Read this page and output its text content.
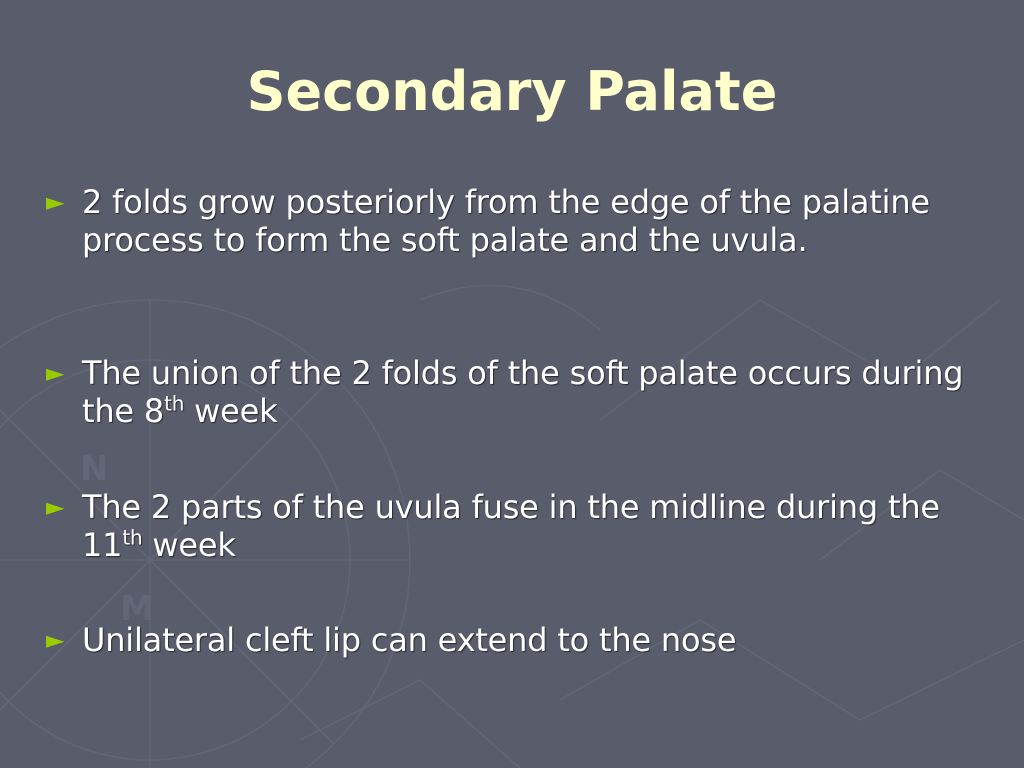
N
M
Secondary Palate
► 2 folds grow posteriorly from the edge of the palatine process to form the soft palate and the uvula.
► The union of the 2 folds of the soft palate occurs during the 8th week
► The 2 parts of the uvula fuse in the midline during the 11th week
► Unilateral cleft lip can extend to the nose
